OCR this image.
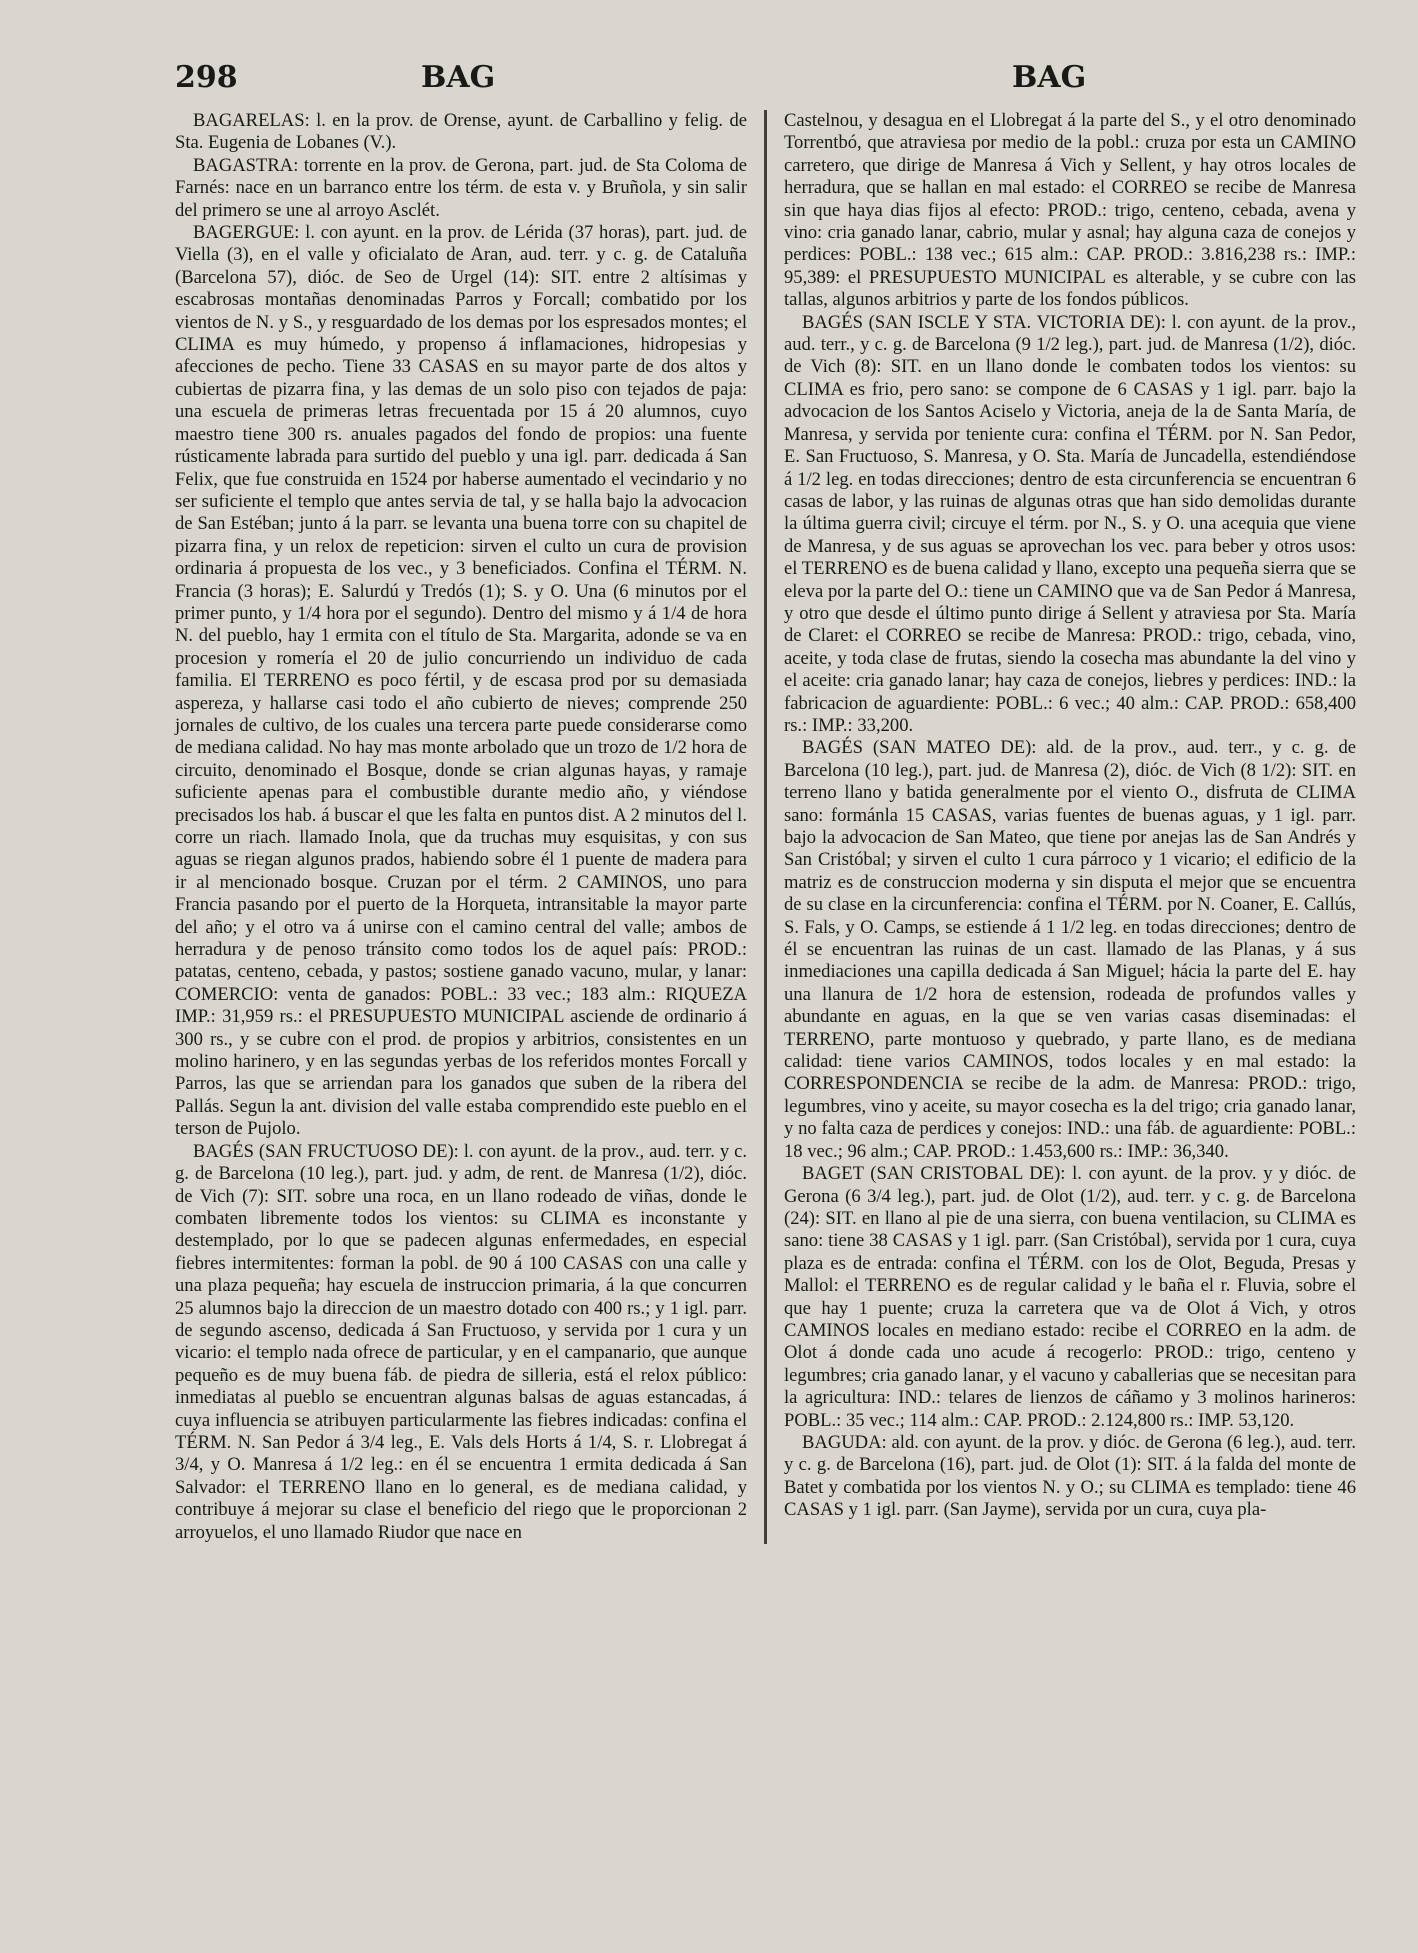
298	BAG	BAG

BAGARELAS: l. en la prov. de Orense, ayunt. de Carballino y felig. de Sta. Eugenia de Lobanes (V.).

BAGASTRA: torrente en la prov. de Gerona, part. jud. de Sta Coloma de Farnés: nace en un barranco entre los térm. de esta v. y Bruñola, y sin salir del primero se une al arroyo Asclét.

BAGERGUE: l. con ayunt. en la prov. de Lérida (37 horas), part. jud. de Viella (3), en el valle y oficialato de Aran, aud. terr. y c. g. de Cataluña (Barcelona 57), dióc. de Seo de Urgel (14): SIT. entre 2 altísimas y escabrosas montañas denominadas Parros y Forcall; combatido por los vientos de N. y S., y resguardado de los demas por los espresados montes; el CLIMA es muy húmedo, y propenso á inflamaciones, hidropesias y afecciones de pecho. Tiene 33 CASAS en su mayor parte de dos altos y cubiertas de pizarra fina, y las demas de un solo piso con tejados de paja: una escuela de primeras letras frecuentada por 15 á 20 alumnos, cuyo maestro tiene 300 rs. anuales pagados del fondo de propios: una fuente rústicamente labrada para surtido del pueblo y una igl. parr. dedicada á San Felix, que fue construida en 1524 por haberse aumentado el vecindario y no ser suficiente el templo que antes servia de tal, y se halla bajo la advocacion de San Estéban; junto á la parr. se levanta una buena torre con su chapitel de pizarra fina, y un relox de repeticion: sirven el culto un cura de provision ordinaria á propuesta de los vec., y 3 beneficiados. Confina el TÉRM. N. Francia (3 horas); E. Salurdú y Tredós (1); S. y O. Una (6 minutos por el primer punto, y 1/4 hora por el segundo). Dentro del mismo y á 1/4 de hora N. del pueblo, hay 1 ermita con el título de Sta. Margarita, adonde se va en procesion y romería el 20 de julio concurriendo un individuo de cada familia. El TERRENO es poco fértil, y de escasa prod por su demasiada aspereza, y hallarse casi todo el año cubierto de nieves; comprende 250 jornales de cultivo, de los cuales una tercera parte puede considerarse como de mediana calidad. No hay mas monte arbolado que un trozo de 1/2 hora de circuito, denominado el Bosque, donde se crian algunas hayas, y ramaje suficiente apenas para el combustible durante medio año, y viéndose precisados los hab. á buscar el que les falta en puntos dist. A 2 minutos del l. corre un riach. llamado Inola, que da truchas muy esquisitas, y con sus aguas se riegan algunos prados, habiendo sobre él 1 puente de madera para ir al mencionado bosque. Cruzan por el térm. 2 CAMINOS, uno para Francia pasando por el puerto de la Horqueta, intransitable la mayor parte del año; y el otro va á unirse con el camino central del valle; ambos de herradura y de penoso tránsito como todos los de aquel país: PROD.: patatas, centeno, cebada, y pastos; sostiene ganado vacuno, mular, y lanar: COMERCIO: venta de ganados: POBL.: 33 vec.; 183 alm.: RIQUEZA IMP.: 31,959 rs.: el PRESUPUESTO MUNICIPAL asciende de ordinario á 300 rs., y se cubre con el prod. de propios y arbitrios, consistentes en un molino harinero, y en las segundas yerbas de los referidos montes Forcall y Parros, las que se arriendan para los ganados que suben de la ribera del Pallás. Segun la ant. division del valle estaba comprendido este pueblo en el terson de Pujolo.

BAGÉS (SAN FRUCTUOSO DE): l. con ayunt. de la prov., aud. terr. y c. g. de Barcelona (10 leg.), part. jud. y adm, de rent. de Manresa (1/2), dióc. de Vich (7): SIT. sobre una roca, en un llano rodeado de viñas, donde le combaten libremente todos los vientos: su CLIMA es inconstante y destemplado, por lo que se padecen algunas enfermedades, en especial fiebres intermitentes: forman la pobl. de 90 á 100 CASAS con una calle y una plaza pequeña; hay escuela de instruccion primaria, á la que concurren 25 alumnos bajo la direccion de un maestro dotado con 400 rs.; y 1 igl. parr. de segundo ascenso, dedicada á San Fructuoso, y servida por 1 cura y un vicario: el templo nada ofrece de particular, y en el campanario, que aunque pequeño es de muy buena fáb. de piedra de silleria, está el relox público: inmediatas al pueblo se encuentran algunas balsas de aguas estancadas, á cuya influencia se atribuyen particularmente las fiebres indicadas: confina el TÉRM. N. San Pedor á 3/4 leg., E. Vals dels Horts á 1/4, S. r. Llobregat á 3/4, y O. Manresa á 1/2 leg.: en él se encuentra 1 ermita dedicada á San Salvador: el TERRENO llano en lo general, es de mediana calidad, y contribuye á mejorar su clase el beneficio del riego que le proporcionan 2 arroyuelos, el uno llamado Riudor que nace en

Castelnou, y desagua en el Llobregat á la parte del S., y el otro denominado Torrentbó, que atraviesa por medio de la pobl.: cruza por esta un CAMINO carretero, que dirige de Manresa á Vich y Sellent, y hay otros locales de herradura, que se hallan en mal estado: el CORREO se recibe de Manresa sin que haya dias fijos al efecto: PROD.: trigo, centeno, cebada, avena y vino: cria ganado lanar, cabrio, mular y asnal; hay alguna caza de conejos y perdices: POBL.: 138 vec.; 615 alm.: CAP. PROD.: 3.816,238 rs.: IMP.: 95,389: el PRESUPUESTO MUNICIPAL es alterable, y se cubre con las tallas, algunos arbitrios y parte de los fondos públicos.

BAGÉS (SAN ISCLE Y STA. VICTORIA DE): l. con ayunt. de la prov., aud. terr., y c. g. de Barcelona (9 1/2 leg.), part. jud. de Manresa (1/2), dióc. de Vich (8): SIT. en un llano donde le combaten todos los vientos: su CLIMA es frio, pero sano: se compone de 6 CASAS y 1 igl. parr. bajo la advocacion de los Santos Aciselo y Victoria, aneja de la de Santa María, de Manresa, y servida por teniente cura: confina el TÉRM. por N. San Pedor, E. San Fructuoso, S. Manresa, y O. Sta. María de Juncadella, estendiéndose á 1/2 leg. en todas direcciones; dentro de esta circunferencia se encuentran 6 casas de labor, y las ruinas de algunas otras que han sido demolidas durante la última guerra civil; circuye el térm. por N., S. y O. una acequia que viene de Manresa, y de sus aguas se aprovechan los vec. para beber y otros usos: el TERRENO es de buena calidad y llano, excepto una pequeña sierra que se eleva por la parte del O.: tiene un CAMINO que va de San Pedor á Manresa, y otro que desde el último punto dirige á Sellent y atraviesa por Sta. María de Claret: el CORREO se recibe de Manresa: PROD.: trigo, cebada, vino, aceite, y toda clase de frutas, siendo la cosecha mas abundante la del vino y el aceite: cria ganado lanar; hay caza de conejos, liebres y perdices: IND.: la fabricacion de aguardiente: POBL.: 6 vec.; 40 alm.: CAP. PROD.: 658,400 rs.: IMP.: 33,200.

BAGÉS (SAN MATEO DE): ald. de la prov., aud. terr., y c. g. de Barcelona (10 leg.), part. jud. de Manresa (2), dióc. de Vich (8 1/2): SIT. en terreno llano y batida generalmente por el viento O., disfruta de CLIMA sano: formánla 15 CASAS, varias fuentes de buenas aguas, y 1 igl. parr. bajo la advocacion de San Mateo, que tiene por anejas las de San Andrés y San Cristóbal; y sirven el culto 1 cura párroco y 1 vicario; el edificio de la matriz es de construccion moderna y sin disputa el mejor que se encuentra de su clase en la circunferencia: confina el TÉRM. por N. Coaner, E. Callús, S. Fals, y O. Camps, se estiende á 1 1/2 leg. en todas direcciones; dentro de él se encuentran las ruinas de un cast. llamado de las Planas, y á sus inmediaciones una capilla dedicada á San Miguel; hácia la parte del E. hay una llanura de 1/2 hora de estension, rodeada de profundos valles y abundante en aguas, en la que se ven varias casas diseminadas: el TERRENO, parte montuoso y quebrado, y parte llano, es de mediana calidad: tiene varios CAMINOS, todos locales y en mal estado: la CORRESPONDENCIA se recibe de la adm. de Manresa: PROD.: trigo, legumbres, vino y aceite, su mayor cosecha es la del trigo; cria ganado lanar, y no falta caza de perdices y conejos: IND.: una fáb. de aguardiente: POBL.: 18 vec.; 96 alm.; CAP. PROD.: 1.453,600 rs.: IMP.: 36,340.

BAGET (SAN CRISTOBAL DE): l. con ayunt. de la prov. y y dióc. de Gerona (6 3/4 leg.), part. jud. de Olot (1/2), aud. terr. y c. g. de Barcelona (24): SIT. en llano al pie de una sierra, con buena ventilacion, su CLIMA es sano: tiene 38 CASAS y 1 igl. parr. (San Cristóbal), servida por 1 cura, cuya plaza es de entrada: confina el TÉRM. con los de Olot, Beguda, Presas y Mallol: el TERRENO es de regular calidad y le baña el r. Fluvia, sobre el que hay 1 puente; cruza la carretera que va de Olot á Vich, y otros CAMINOS locales en mediano estado: recibe el CORREO en la adm. de Olot á donde cada uno acude á recogerlo: PROD.: trigo, centeno y legumbres; cria ganado lanar, y el vacuno y caballerias que se necesitan para la agricultura: IND.: telares de lienzos de cáñamo y 3 molinos harineros: POBL.: 35 vec.; 114 alm.: CAP. PROD.: 2.124,800 rs.: IMP. 53,120.

BAGUDA: ald. con ayunt. de la prov. y dióc. de Gerona (6 leg.), aud. terr. y c. g. de Barcelona (16), part. jud. de Olot (1): SIT. á la falda del monte de Batet y combatida por los vientos N. y O.; su CLIMA es templado: tiene 46 CASAS y 1 igl. parr. (San Jayme), servida por un cura, cuya pla-
